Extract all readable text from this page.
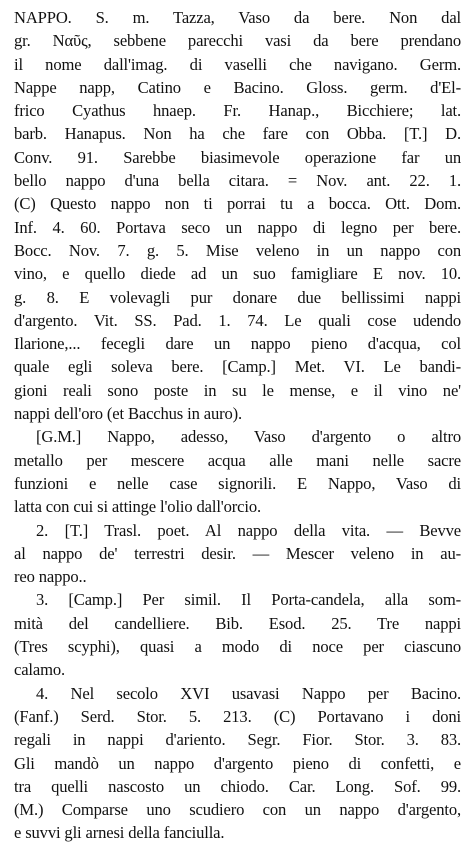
NAPPO. S. m. Tazza, Vaso da bere. Non dal
gr. Ναῦς, sebbene parecchi vasi da bere prendano
il nome dall'imag. di vaselli che navigano. Germ.
Nappe napp, Catino e Bacino. Gloss. germ. d'El-
frico Cyathus hnaep. Fr. Hanap., Bicchiere; lat.
barb. Hanapus. Non ha che fare con Obba. [T.] D.
Conv. 91. Sarebbe biasimevole operazione far un
bello nappo d'una bella citara. = Nov. ant. 22. 1.
(C) Questo nappo non ti porrai tu a bocca. Ott. Dom.
Inf. 4. 60. Portava seco un nappo di legno per bere.
Bocc. Nov. 7. g. 5. Mise veleno in un nappo con
vino, e quello diede ad un suo famigliare E nov. 10.
g. 8. E volevagli pur donare due bellissimi nappi
d'argento. Vit. SS. Pad. 1. 74. Le quali cose udendo
Ilarione,... fecegli dare un nappo pieno d'acqua, col
quale egli soleva bere. [Camp.] Met. VI. Le bandi-
gioni reali sono poste in su le mense, e il vino ne'
nappi dell'oro (et Bacchus in auro).
[G.M.] Nappo, adesso, Vaso d'argento o altro
metallo per mescere acqua alle mani nelle sacre
funzioni e nelle case signorili. E Nappo, Vaso di
latta con cui si attinge l'olio dall'orcio.
2. [T.] Trasl. poet. Al nappo della vita. — Bevve
al nappo de' terrestri desir. — Mescer veleno in au-
reo nappo..
3. [Camp.] Per simil. Il Porta-candela, alla som-
mità del candelliere. Bib. Esod. 25. Tre nappi
(Tres scyphi), quasi a modo di noce per ciascuno
calamo.
4. Nel secolo XVI usavasi Nappo per Bacino.
(Fanf.) Serd. Stor. 5. 213. (C) Portavano i doni
regali in nappi d'ariento. Segr. Fior. Stor. 3. 83.
Gli mandò un nappo d'argento pieno di confetti, e
tra quelli nascosto un chiodo. Car. Long. Sof. 99.
(M.) Comparse uno scudiero con un nappo d'argento,
e suvvi gli arnesi della fanciulla.
